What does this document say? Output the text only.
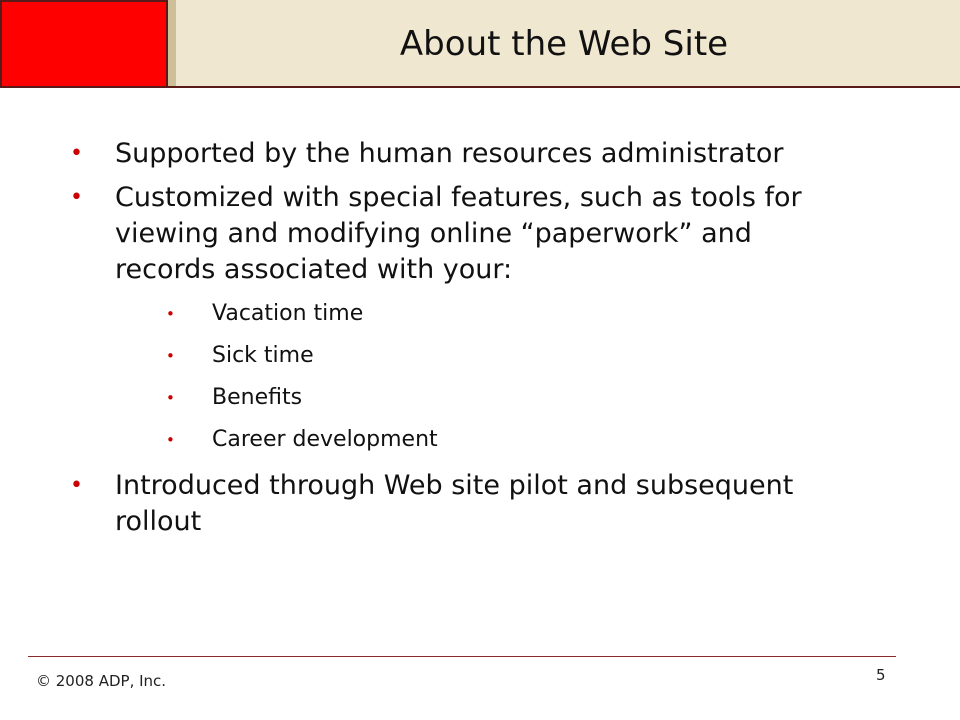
About the Web Site
• Supported by the human resources administrator
• Customized with special features, such as tools for viewing and modifying online “paperwork” and records associated with your:
• Vacation time
• Sick time
• Benefits
• Career development
• Introduced through Web site pilot and subsequent rollout
© 2008 ADP, Inc.	5
